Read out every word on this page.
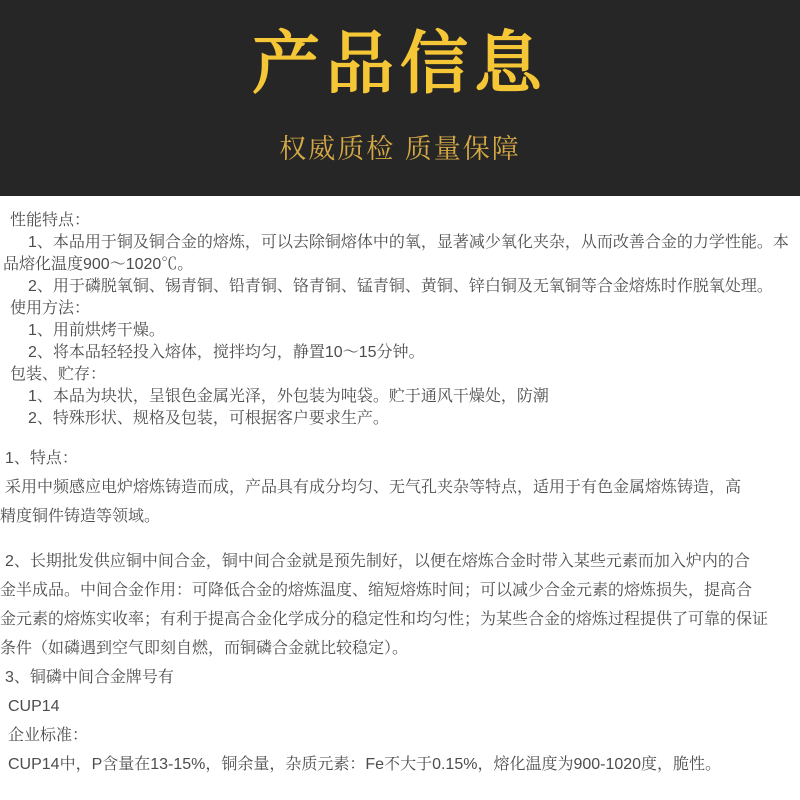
产品信息
权威质检 质量保障
性能特点：
1、本品用于铜及铜合金的熔炼，可以去除铜熔体中的氧，显著减少氧化夹杂，从而改善合金的力学性能。本
品熔化温度900～1020℃。
2、用于磷脱氧铜、锡青铜、铅青铜、铬青铜、锰青铜、黄铜、锌白铜及无氧铜等合金熔炼时作脱氧处理。
使用方法：
1、用前烘烤干燥。
2、将本品轻轻投入熔体，搅拌均匀，静置10～15分钟。
包装、贮存：
1、本品为块状，呈银色金属光泽，外包装为吨袋。贮于通风干燥处，防潮
2、特殊形状、规格及包装，可根据客户要求生产。
1、特点：
采用中频感应电炉熔炼铸造而成，产品具有成分均匀、无气孔夹杂等特点，适用于有色金属熔炼铸造，高
精度铜件铸造等领域。
2、长期批发供应铜中间合金，铜中间合金就是预先制好，以便在熔炼合金时带入某些元素而加入炉内的合
金半成品。中间合金作用：可降低合金的熔炼温度、缩短熔炼时间；可以减少合金元素的熔炼损失，提高合
金元素的熔炼实收率；有利于提高合金化学成分的稳定性和均匀性；为某些合金的熔炼过程提供了可靠的保证
条件（如磷遇到空气即刻自燃，而铜磷合金就比较稳定）。
3、铜磷中间合金牌号有
CUP14
企业标准：
CUP14中，P含量在13-15%，铜余量，杂质元素：Fe不大于0.15%，熔化温度为900-1020度，脆性。
